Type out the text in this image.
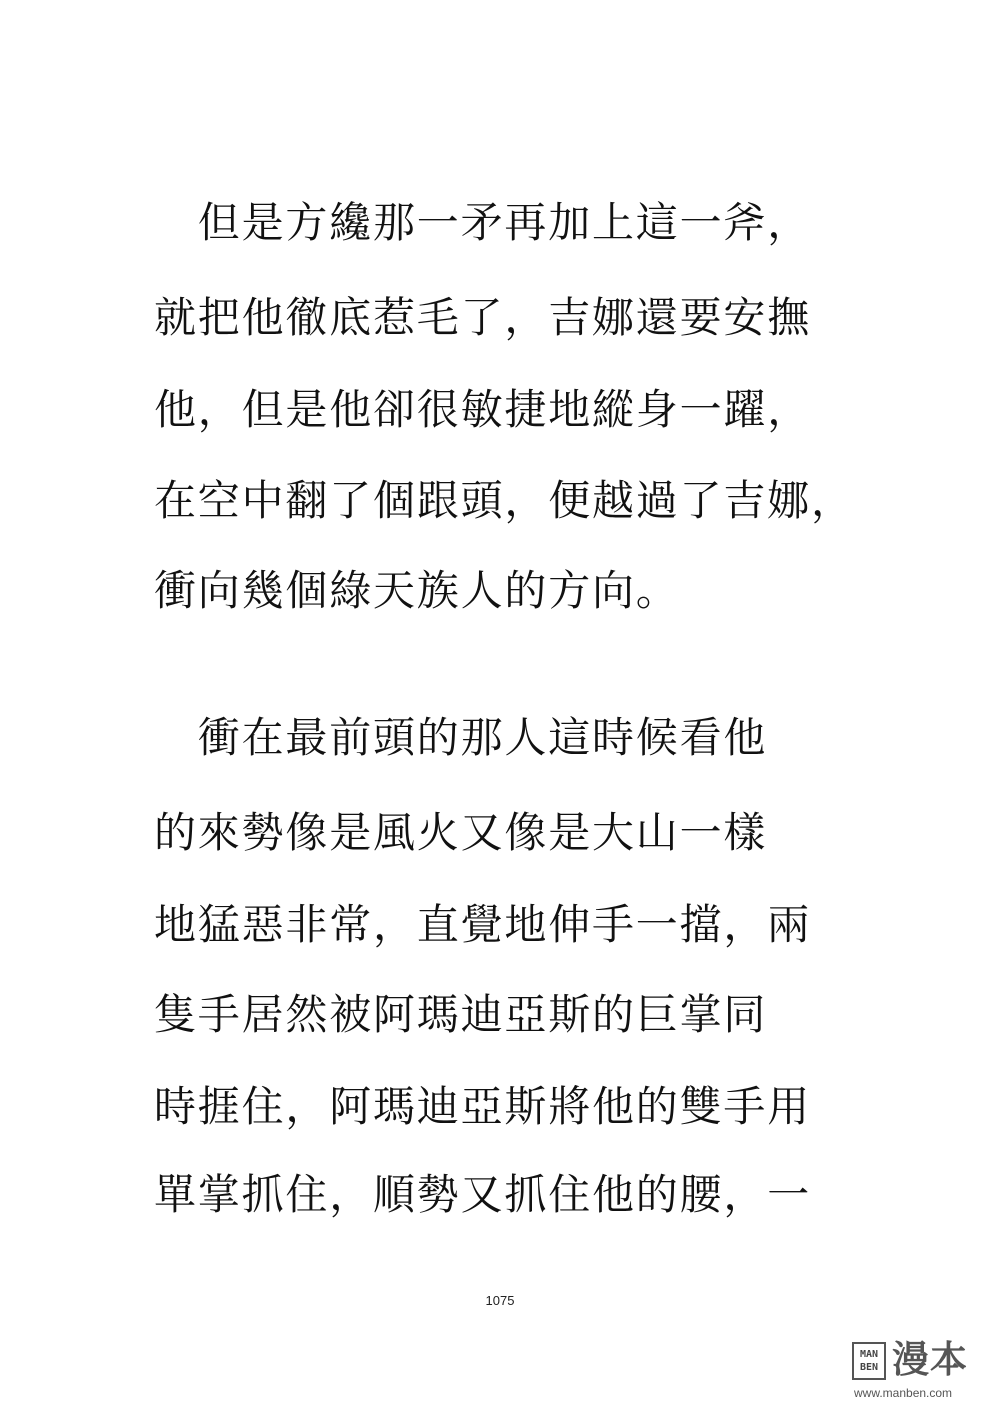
　但是方纔那一矛再加上這一斧，
就把他徹底惹毛了，吉娜還要安撫
他，但是他卻很敏捷地縱身一躍，
在空中翻了個跟頭，便越過了吉娜，
衝向幾個綠天族人的方向。
　衝在最前頭的那人這時候看他
的來勢像是風火又像是大山一樣
地猛惡非常，直覺地伸手一擋，兩
隻手居然被阿瑪迪亞斯的巨掌同
時捱住，阿瑪迪亞斯將他的雙手用
單掌抓住，順勢又抓住他的腰，一
1075
MAN
BEN 漫本
www.manben.com
